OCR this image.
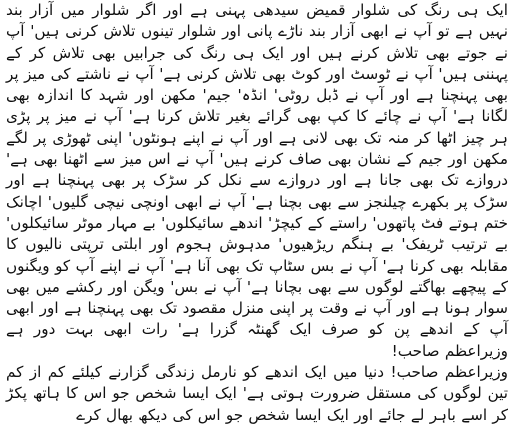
ایک ہی رنگ کی شلوار قمیض سیدھی پہنی ہے اور اگر شلوار میں آزار بند نہیں ہے تو آپ نے ابھی آزار بند ناڑے پانی اور شلوار تینوں تلاش کرنی ہیں' آپ نے جوتے بھی تلاش کرنے ہیں اور ایک ہی رنگ کی جرابیں بھی تلاش کر کے پہننی ہیں' آپ نے ٹوسٹ اور کوٹ بھی تلاش کرنی ہے' آپ نے ناشتے کی میز پر بھی پہنچنا ہے اور آپ نے ڈبل روٹی' انڈہ' جیم' مکھن اور شہد کا اندازہ بھی لگانا ہے' آپ نے چائے کا کپ بھی گرائے بغیر تلاش کرنا ہے' آپ نے میز پر پڑی ہر چیز اٹھا کر منہ تک بھی لانی ہے اور آپ نے اپنے ہونٹوں' اپنی ٹھوڑی پر لگے مکھن اور جیم کے نشان بھی صاف کرنے ہیں' آپ نے اس میز سے اٹھنا بھی ہے' دروازے تک بھی جانا ہے اور دروازے سے نکل کر سڑک پر بھی پہنچنا ہے اور سڑک پر بکھرے چیلنجز سے بھی بچنا ہے' آپ نے ابھی اونچی نیچی گلیوں' اچانک ختم ہوتے فٹ پاتھوں' راستے کے کیچڑ' اندھے سائیکلوں' بے مہار موٹر سائیکلوں' بے ترتیب ٹریفک' بے ہنگم ریڑھیوں' مدہوش ہجوم اور ابلتی ترپتی نالیوں کا مقابلہ بھی کرنا ہے' آپ نے بس سٹاپ تک بھی آنا ہے' آپ نے اپنے آپ کو ویگنوں کے پیچھے بھاگتے لوگوں سے بھی بچانا ہے' آپ نے بس' ویگن اور رکشے میں بھی سوار ہونا ہے اور آپ نے وقت پر اپنی منزل مقصود تک بھی پہنچنا ہے اور ابھی آپ کے اندھے پن کو صرف ایک گھنٹہ گزرا ہے' رات ابھی بہت دور ہے وزیراعظم صاحب!

وزیراعظم صاحب! دنیا میں ایک اندھے کو نارمل زندگی گزارنے کیلئے کم از کم تین لوگوں کی مستقل ضرورت ہوتی ہے' ایک ایسا شخص جو اس کا ہاتھ پکڑ کر اسے باہر لے جائے اور ایک ایسا شخص جو اس کی دیکھ بھال کرے
